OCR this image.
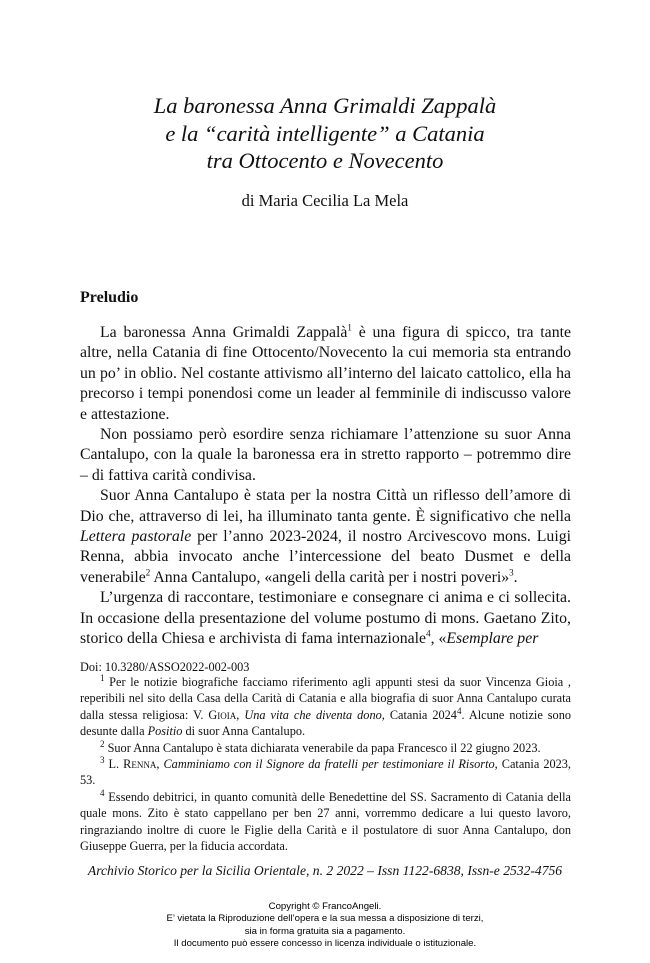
La baronessa Anna Grimaldi Zappalà
e la “carità intelligente” a Catania
tra Ottocento e Novecento
di Maria Cecilia La Mela
Preludio

La baronessa Anna Grimaldi Zappalà$^1$ è una figura di spicco, tra tante altre, nella Catania di fine Ottocento/Novecento la cui memoria sta entrando un po’ in oblio. Nel costante attivismo all’interno del laicato cattolico, ella ha precorso i tempi ponendosi come un leader al femminile di indiscusso valore e attestazione.

Non possiamo però esordire senza richiamare l’attenzione su suor Anna Cantalupo, con la quale la baronessa era in stretto rapporto – potremmo dire – di fattiva carità condivisa.

Suor Anna Cantalupo è stata per la nostra Città un riflesso dell’amore di Dio che, attraverso di lei, ha illuminato tanta gente. È significativo che nella Lettera pastorale per l’anno 2023-2024, il nostro Arcivescovo mons. Luigi Renna, abbia invocato anche l’intercessione del beato Dusmet e della venerabile$^2$ Anna Cantalupo, «angeli della carità per i nostri poveri»$^3$.

L’urgenza di raccontare, testimoniare e consegnare ci anima e ci sollecita. In occasione della presentazione del volume postumo di mons. Gaetano Zito, storico della Chiesa e archivista di fama internazionale$^4$, «Esemplare per

Doi: 10.3280/ASSO2022-002-003

$^1$ Per le notizie biografiche facciamo riferimento agli appunti stesi da suor Vincenza Gioia , reperibili nel sito della Casa della Carità di Catania e alla biografia di suor Anna Cantalupo curata dalla stessa religiosa: V. Gioia, Una vita che diventa dono, Catania 2024$^4$. Alcune notizie sono desunte dalla Positio di suor Anna Cantalupo.

$^2$ Suor Anna Cantalupo è stata dichiarata venerabile da papa Francesco il 22 giugno 2023.

$^3$ L. Renna, Camminiamo con il Signore da fratelli per testimoniare il Risorto, Catania 2023, 53.

$^4$ Essendo debitrici, in quanto comunità delle Benedettine del SS. Sacramento di Catania della quale mons. Zito è stato cappellano per ben 27 anni, vorremmo dedicare a lui questo lavoro, ringraziando inoltre di cuore le Figlie della Carità e il postulatore di suor Anna Cantalupo, don Giuseppe Guerra, per la fiducia accordata.

Archivio Storico per la Sicilia Orientale, n. 2 2022 – Issn 1122-6838, Issn-e 2532-4756
Copyright © FrancoAngeli.
E’ vietata la Riproduzione dell’opera e la sua messa a disposizione di terzi,
sia in forma gratuita sia a pagamento.
Il documento può essere concesso in licenza individuale o istituzionale.
